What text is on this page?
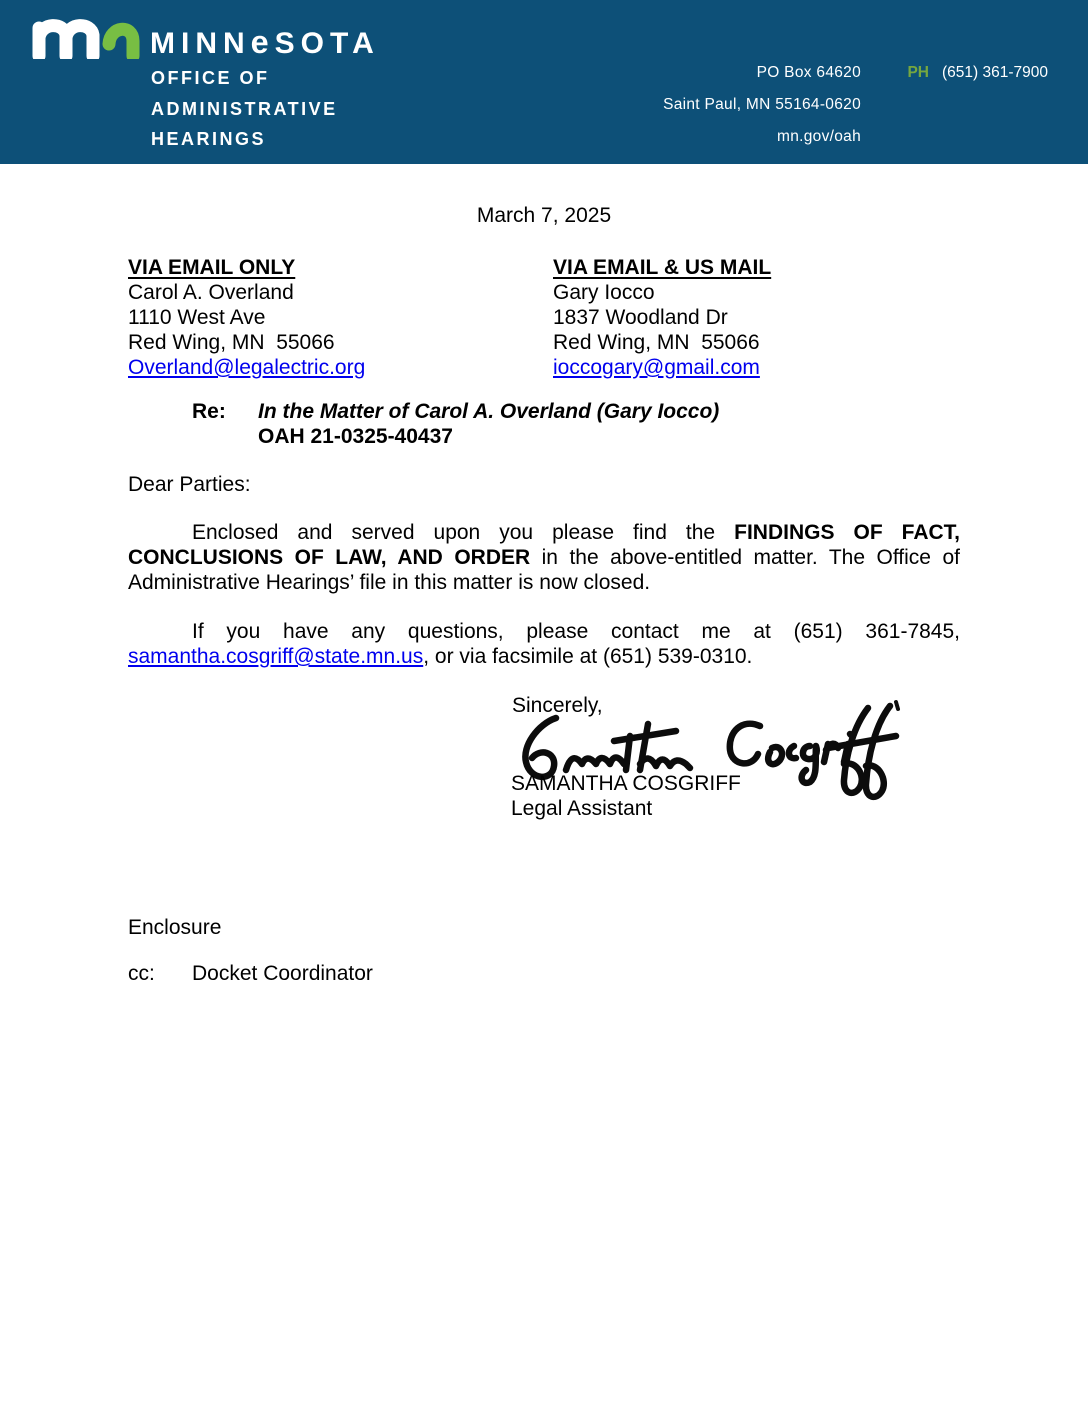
MINNeSOTA
OFFICE OF
ADMINISTRATIVE
HEARINGS
PO Box 64620
Saint Paul, MN 55164-0620
mn.gov/oah
PH (651) 361-7900
March 7, 2025
VIA EMAIL ONLY
Carol A. Overland
1110 West Ave
Red Wing, MN  55066
Overland@legalectric.org
VIA EMAIL & US MAIL
Gary Iocco
1837 Woodland Dr
Red Wing, MN  55066
ioccogary@gmail.com
Re:	In the Matter of Carol A. Overland (Gary Iocco)
OAH 21-0325-40437
Dear Parties:
Enclosed and served upon you please find the FINDINGS OF FACT,
CONCLUSIONS OF LAW, AND ORDER in the above-entitled matter. The Office of
Administrative Hearings’ file in this matter is now closed.
If you have any questions, please contact me at (651) 361-7845,
samantha.cosgriff@state.mn.us, or via facsimile at (651) 539-0310.
Sincerely,
SAMANTHA COSGRIFF
Legal Assistant
Enclosure
cc:	Docket Coordinator
